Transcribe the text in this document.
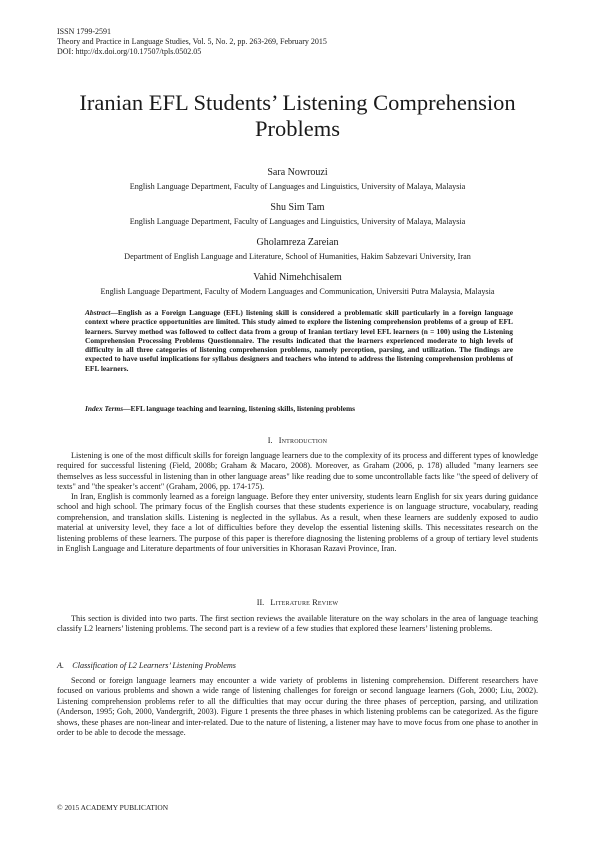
ISSN 1799-2591
Theory and Practice in Language Studies, Vol. 5, No. 2, pp. 263-269, February 2015
DOI: http://dx.doi.org/10.17507/tpls.0502.05
Iranian EFL Students’ Listening Comprehension Problems
Sara Nowrouzi
English Language Department, Faculty of Languages and Linguistics, University of Malaya, Malaysia
Shu Sim Tam
English Language Department, Faculty of Languages and Linguistics, University of Malaya, Malaysia
Gholamreza Zareian
Department of English Language and Literature, School of Humanities, Hakim Sabzevari University, Iran
Vahid Nimehchisalem
English Language Department, Faculty of Modern Languages and Communication, Universiti Putra Malaysia, Malaysia

Abstract—English as a Foreign Language (EFL) listening skill is considered a problematic skill particularly in a foreign language context where practice opportunities are limited. This study aimed to explore the listening comprehension problems of a group of EFL learners. Survey method was followed to collect data from a group of Iranian tertiary level EFL learners (n = 100) using the Listening Comprehension Processing Problems Questionnaire. The results indicated that the learners experienced moderate to high levels of difficulty in all three categories of listening comprehension problems, namely perception, parsing, and utilization. The findings are expected to have useful implications for syllabus designers and teachers who intend to address the listening comprehension problems of EFL learners.

Index Terms—EFL language teaching and learning, listening skills, listening problems

I. Introduction

Listening is one of the most difficult skills for foreign language learners due to the complexity of its process and different types of knowledge required for successful listening (Field, 2008b; Graham & Macaro, 2008). Moreover, as Graham (2006, p. 178) alluded "many learners see themselves as less successful in listening than in other language areas" like reading due to some uncontrollable facts like "the speed of delivery of texts" and "the speaker’s accent" (Graham, 2006, pp. 174-175).

In Iran, English is commonly learned as a foreign language. Before they enter university, students learn English for six years during guidance school and high school. The primary focus of the English courses that these students experience is on language structure, vocabulary, reading comprehension, and translation skills. Listening is neglected in the syllabus. As a result, when these learners are suddenly exposed to audio material at university level, they face a lot of difficulties before they develop the essential listening skills. This necessitates research on the listening problems of these learners. The purpose of this paper is therefore diagnosing the listening problems of a group of tertiary level students in English Language and Literature departments of four universities in Khorasan Razavi Province, Iran.

II. Literature Review

This section is divided into two parts. The first section reviews the available literature on the way scholars in the area of language teaching classify L2 learners’ listening problems. The second part is a review of a few studies that explored these learners’ listening problems.

A. Classification of L2 Learners’ Listening Problems

Second or foreign language learners may encounter a wide variety of problems in listening comprehension. Different researchers have focused on various problems and shown a wide range of listening challenges for foreign or second language learners (Goh, 2000; Liu, 2002). Listening comprehension problems refer to all the difficulties that may occur during the three phases of perception, parsing, and utilization (Anderson, 1995; Goh, 2000, Vandergrift, 2003). Figure 1 presents the three phases in which listening problems can be categorized. As the figure shows, these phases are non-linear and inter-related. Due to the nature of listening, a listener may have to move focus from one phase to another in order to be able to decode the message.

© 2015 ACADEMY PUBLICATION
